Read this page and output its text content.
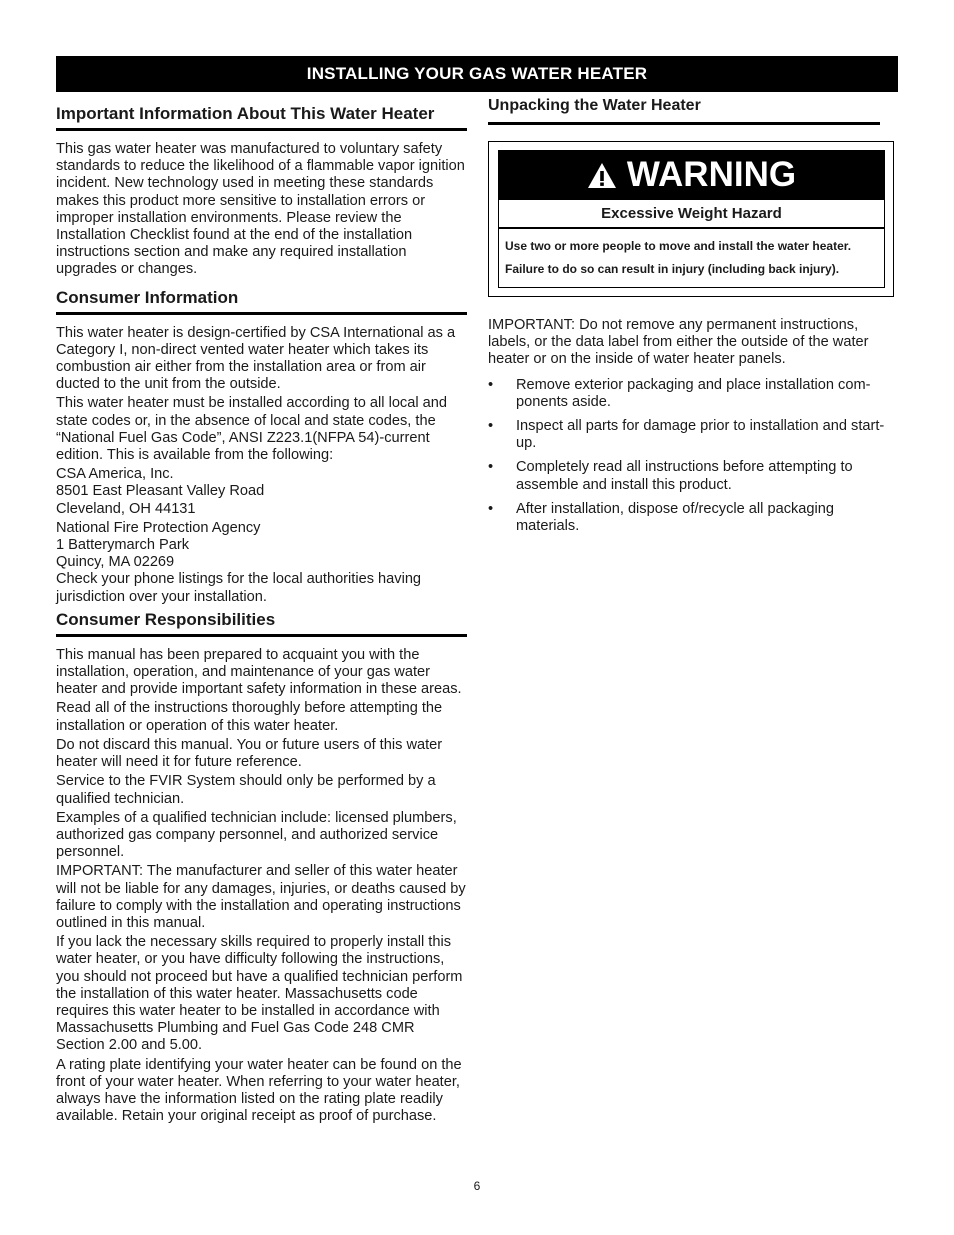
INSTALLING YOUR GAS WATER HEATER
Important Information About This Water Heater

This gas water heater was manufactured to voluntary safety standards to reduce the likelihood of a flammable vapor ignition incident. New technology used in meeting these standards makes this product more sensitive to installation errors or improper installation environments. Please review the Installation Checklist found at the end of the installation instructions section and make any required installation upgrades or changes.

Consumer Information

This water heater is design-certified by CSA International as a Category I, non-direct vented water heater which takes its combustion air either from the installation area or from air ducted to the unit from the outside.

This water heater must be installed according to all local and state codes or, in the absence of local and state codes, the “National Fuel Gas Code”, ANSI Z223.1(NFPA 54)-current edition. This is available from the following:

CSA America, Inc.

8501 East Pleasant Valley Road

Cleveland, OH 44131

National Fire Protection Agency

1 Batterymarch Park

Quincy, MA 02269

Check your phone listings for the local authorities having jurisdiction over your installation.

Consumer Responsibilities

This manual has been prepared to acquaint you with the installation, operation, and maintenance of your gas water heater and provide important safety information in these areas.

Read all of the instructions thoroughly before attempting the installation or operation of this water heater.

Do not discard this manual. You or future users of this water heater will need it for future reference.

Service to the FVIR System should only be performed by a qualified technician.

Examples of a qualified technician include: licensed plumbers, authorized gas company personnel, and authorized service personnel.

IMPORTANT: The manufacturer and seller of this water heater will not be liable for any damages, injuries, or deaths caused by failure to comply with the installation and operating instructions outlined in this manual.

If you lack the necessary skills required to properly install this water heater, or you have difficulty following the instructions, you should not proceed but have a qualified technician perform the installation of this water heater. Massachusetts code requires this water heater to be installed in accordance with Massachusetts Plumbing and Fuel Gas Code 248 CMR Section 2.00 and 5.00.

A rating plate identifying your water heater can be found on the front of your water heater. When referring to your water heater, always have the information listed on the rating plate readily available. Retain your original receipt as proof of purchase.

Unpacking the Water Heater
WARNING
Excessive Weight Hazard
Use two or more people to move and install the water heater.
Failure to do so can result in injury (including back injury).

IMPORTANT: Do not remove any permanent instructions, labels, or the data label from either the outside of the water heater or on the inside of water heater panels.

• Remove exterior packaging and place installation com-ponents aside.
• Inspect all parts for damage prior to installation and start-up.
• Completely read all instructions before attempting to assemble and install this product.
• After installation, dispose of/recycle all packaging materials.
6
